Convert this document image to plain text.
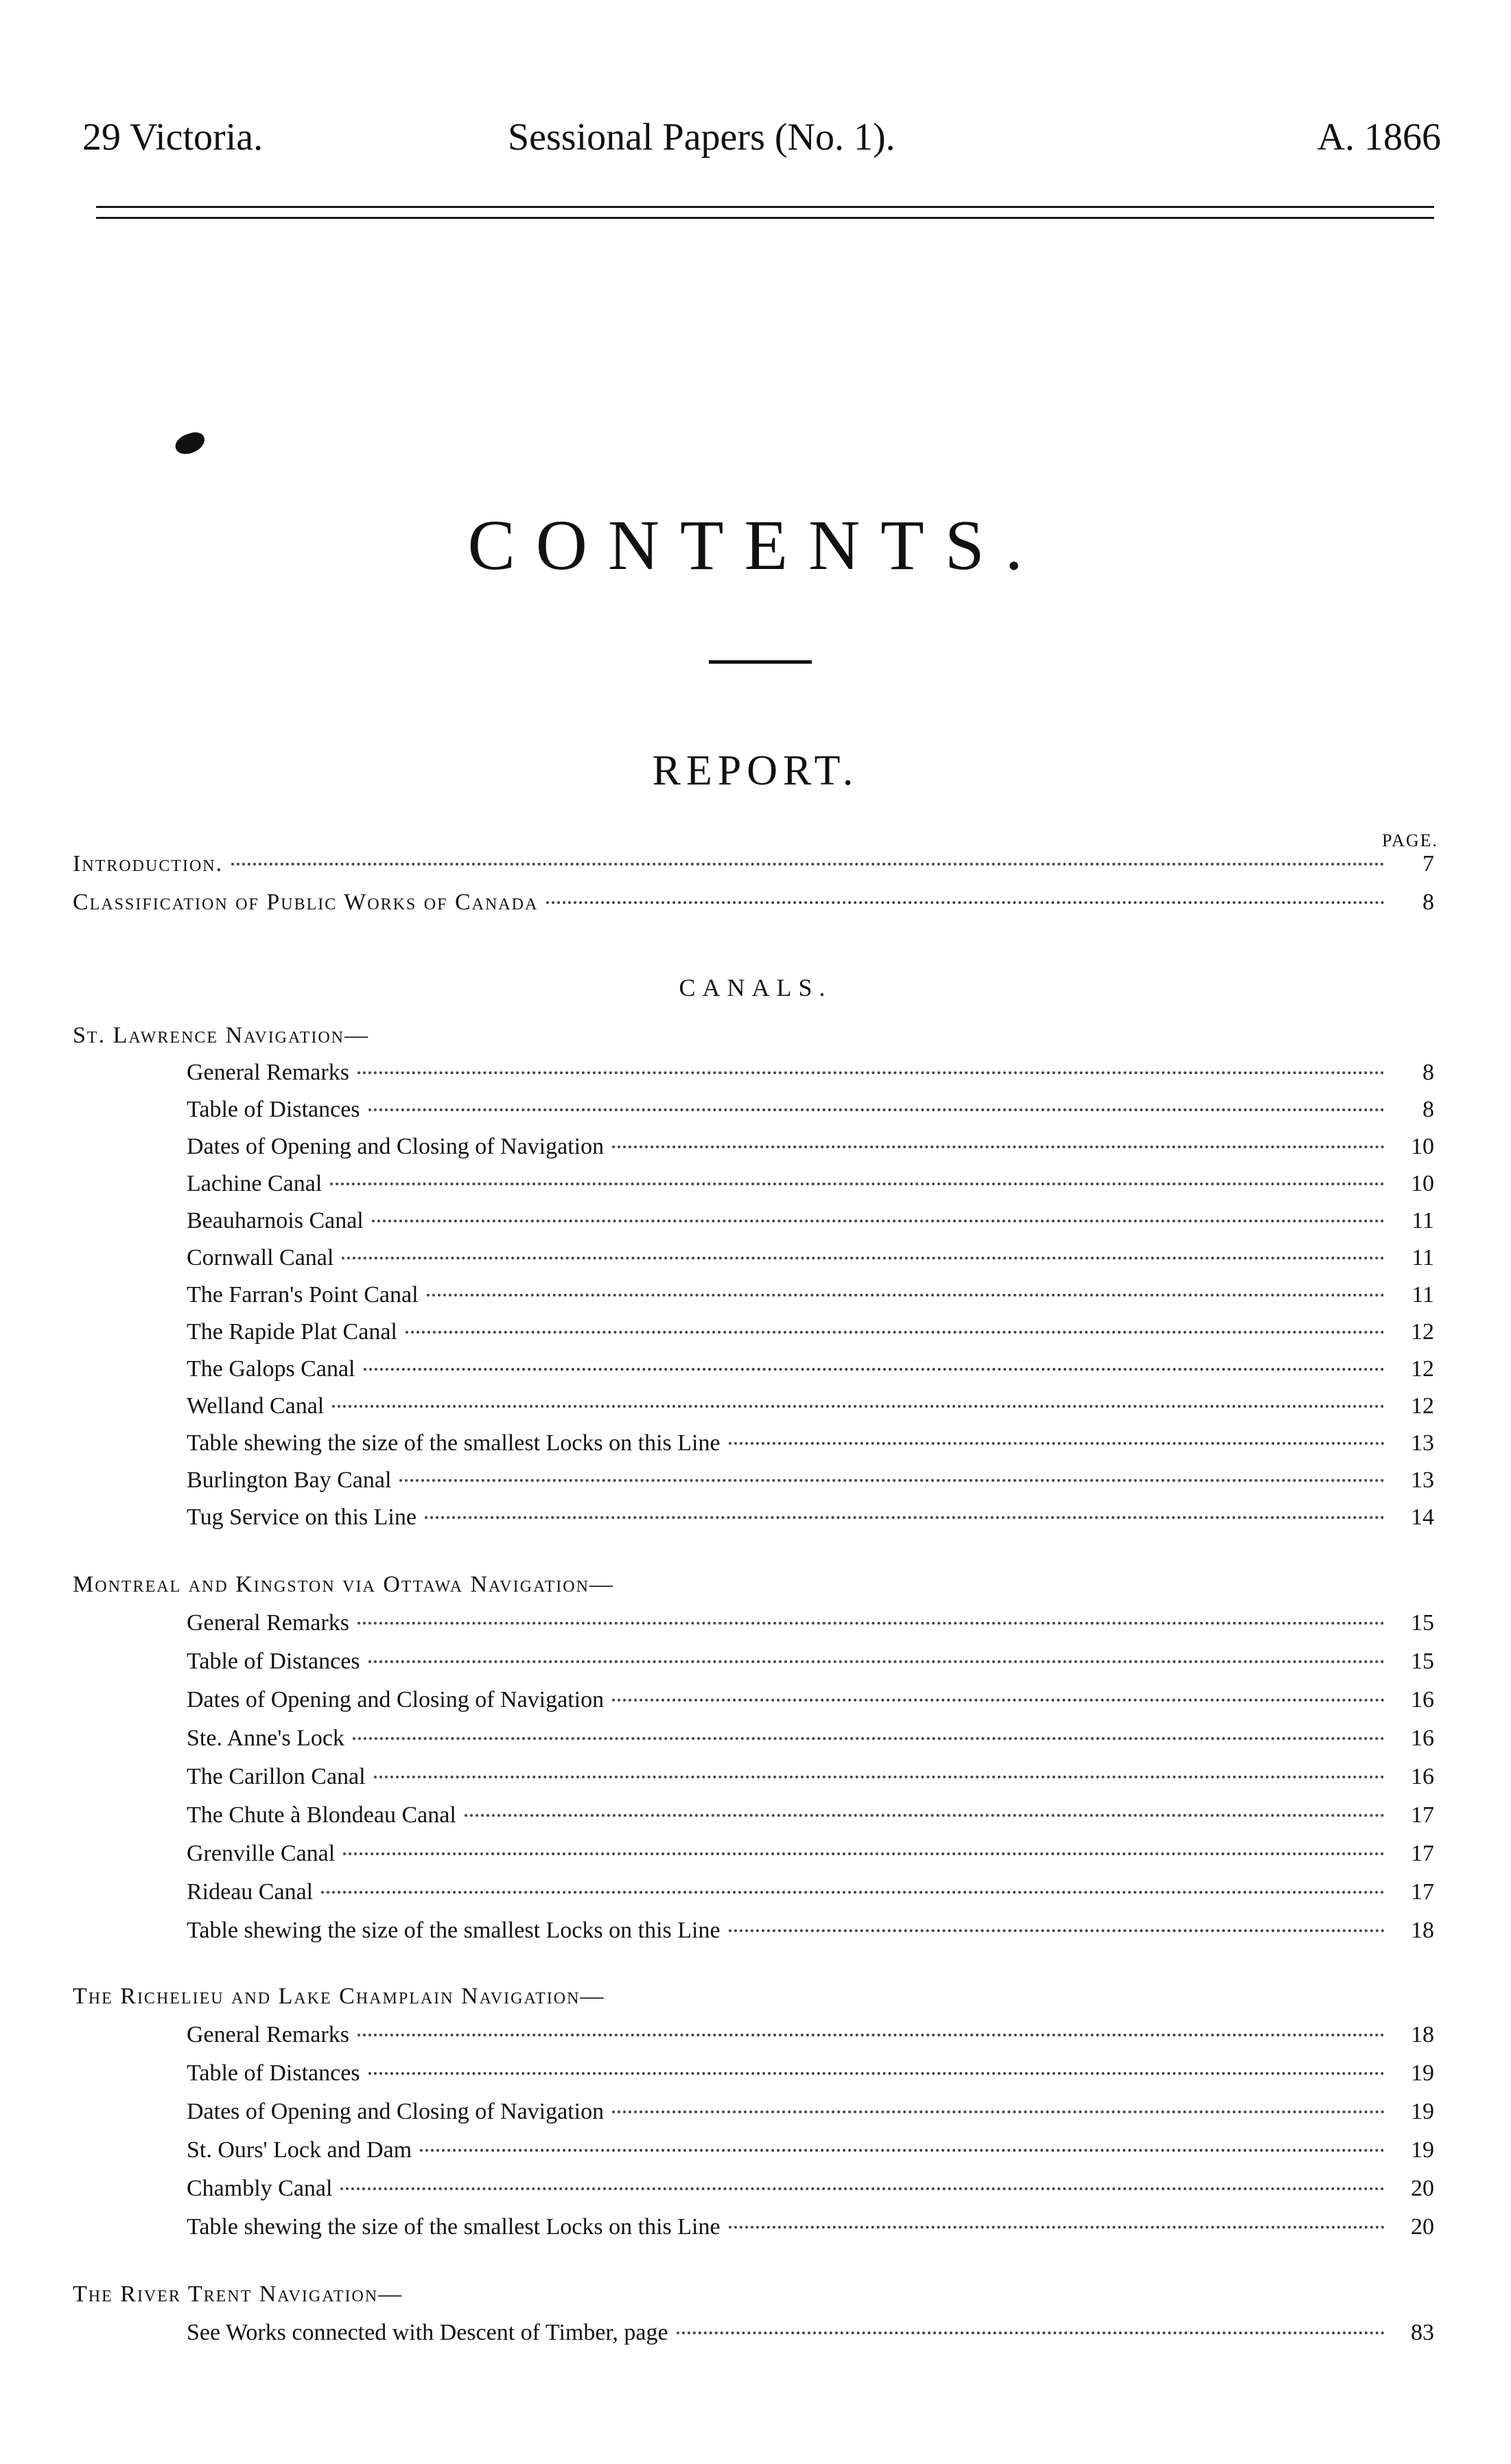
29 Victoria.	Sessional Papers (No. 1).	A. 1866
CONTENTS.
REPORT.
PAGE.
Introduction.	7
Classification of Public Works of Canada	8
CANALS.
St. Lawrence Navigation—
General Remarks	8
Table of Distances	8
Dates of Opening and Closing of Navigation	10
Lachine Canal	10
Beauharnois Canal	11
Cornwall Canal	11
The Farran's Point Canal	11
The Rapide Plat Canal	12
The Galops Canal	12
Welland Canal	12
Table shewing the size of the smallest Locks on this Line	13
Burlington Bay Canal	13
Tug Service on this Line	14
Montreal and Kingston via Ottawa Navigation—
General Remarks	15
Table of Distances	15
Dates of Opening and Closing of Navigation	16
Ste. Anne's Lock	16
The Carillon Canal	16
The Chute à Blondeau Canal	17
Grenville Canal	17
Rideau Canal	17
Table shewing the size of the smallest Locks on this Line	18
The Richelieu and Lake Champlain Navigation—
General Remarks	18
Table of Distances	19
Dates of Opening and Closing of Navigation	19
St. Ours' Lock and Dam	19
Chambly Canal	20
Table shewing the size of the smallest Locks on this Line	20
The River Trent Navigation—
See Works connected with Descent of Timber, page	83
